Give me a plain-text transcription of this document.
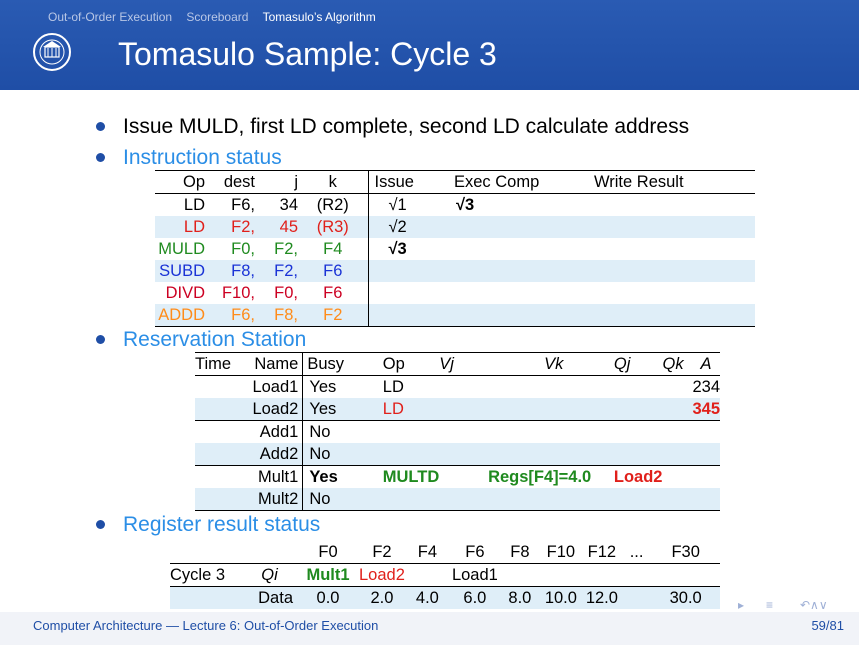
Out-of-Order Execution Scoreboard Tomasulo’s Algorithm
Tomasulo Sample: Cycle 3
Issue MULD, first LD complete, second LD calculate address
Instruction status
Op	dest	j	k	Issue	Exec Comp	Write Result
LD	F6,	34	(R2)	√1	√3	
LD	F2,	45	(R3)	√2		
MULD	F0,	F2,	F4	√3		
SUBD	F8,	F2,	F6			
DIVD	F10,	F0,	F6			
ADDD	F6,	F8,	F2			
Reservation Station
Time	Name	Busy	Op	Vj	Vk	Qj	Qk	A
	Load1	Yes	LD					234
	Load2	Yes	LD					345
	Add1	No						
	Add2	No						
	Mult1	Yes	MULTD		Regs[F4]=4.0	Load2		
	Mult2	No						
Register result status
		F0	F2	F4	F6	F8	F10	F12	...	F30
Cycle 3	Qi	Mult1	Load2		Load1					
	Data	0.0	2.0	4.0	6.0	8.0	10.0	12.0		30.0	▸ ≡ ↶∧∨
Computer Architecture — Lecture 6: Out-of-Order Execution	59/81
